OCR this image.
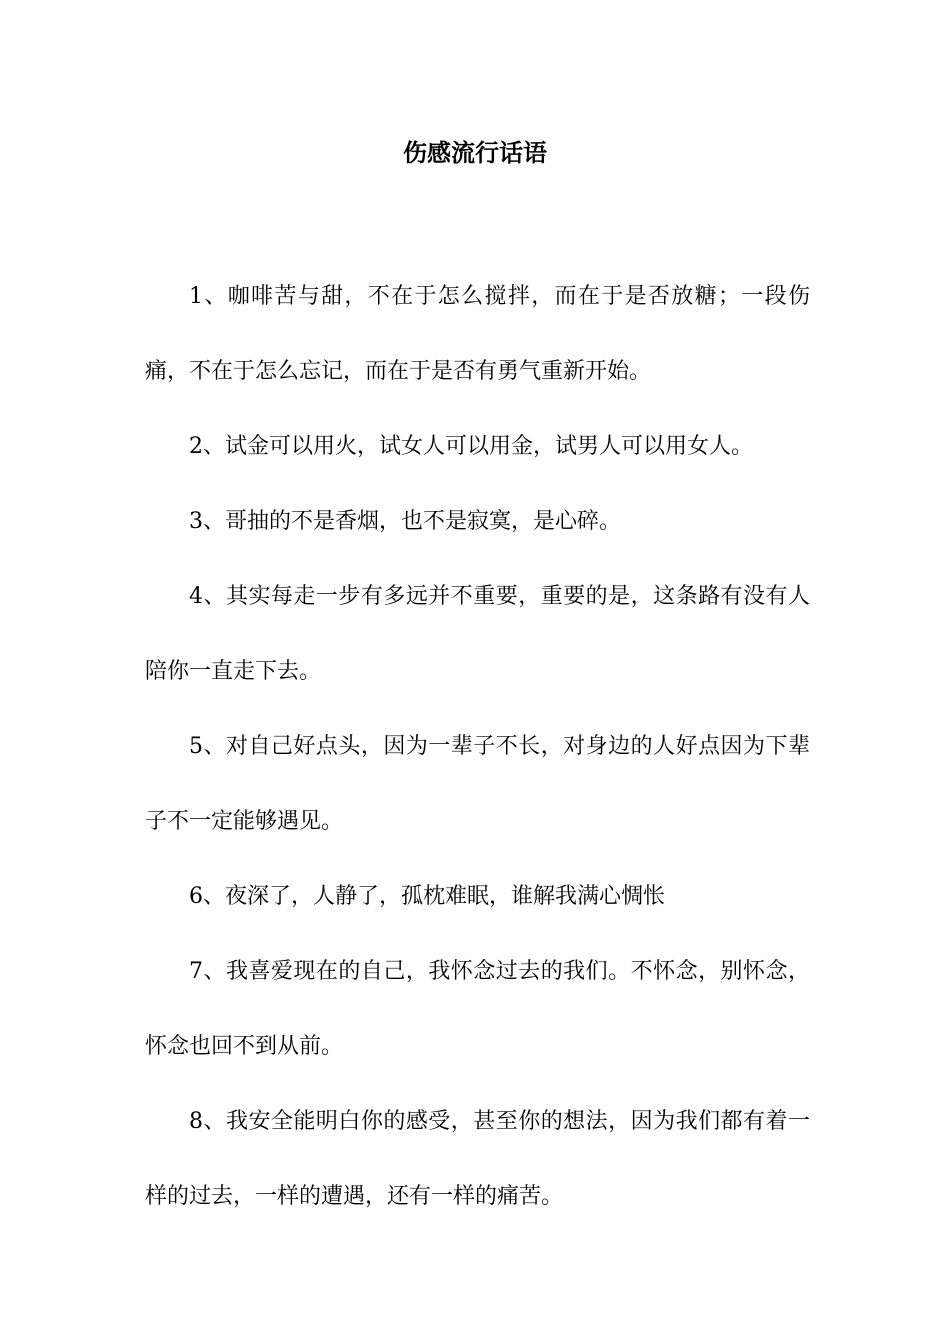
伤感流行话语

1、咖啡苦与甜，不在于怎么搅拌，而在于是否放糖；一段伤痛，不在于怎么忘记，而在于是否有勇气重新开始。

2、试金可以用火，试女人可以用金，试男人可以用女人。

3、哥抽的不是香烟，也不是寂寞，是心碎。

4、其实每走一步有多远并不重要，重要的是，这条路有没有人陪你一直走下去。

5、对自己好点头，因为一辈子不长，对身边的人好点因为下辈子不一定能够遇见。

6、夜深了，人静了，孤枕难眠，谁解我满心惆怅

7、我喜爱现在的自己，我怀念过去的我们。不怀念，别怀念，怀念也回不到从前。

8、我安全能明白你的感受，甚至你的想法，因为我们都有着一样的过去，一样的遭遇，还有一样的痛苦。
